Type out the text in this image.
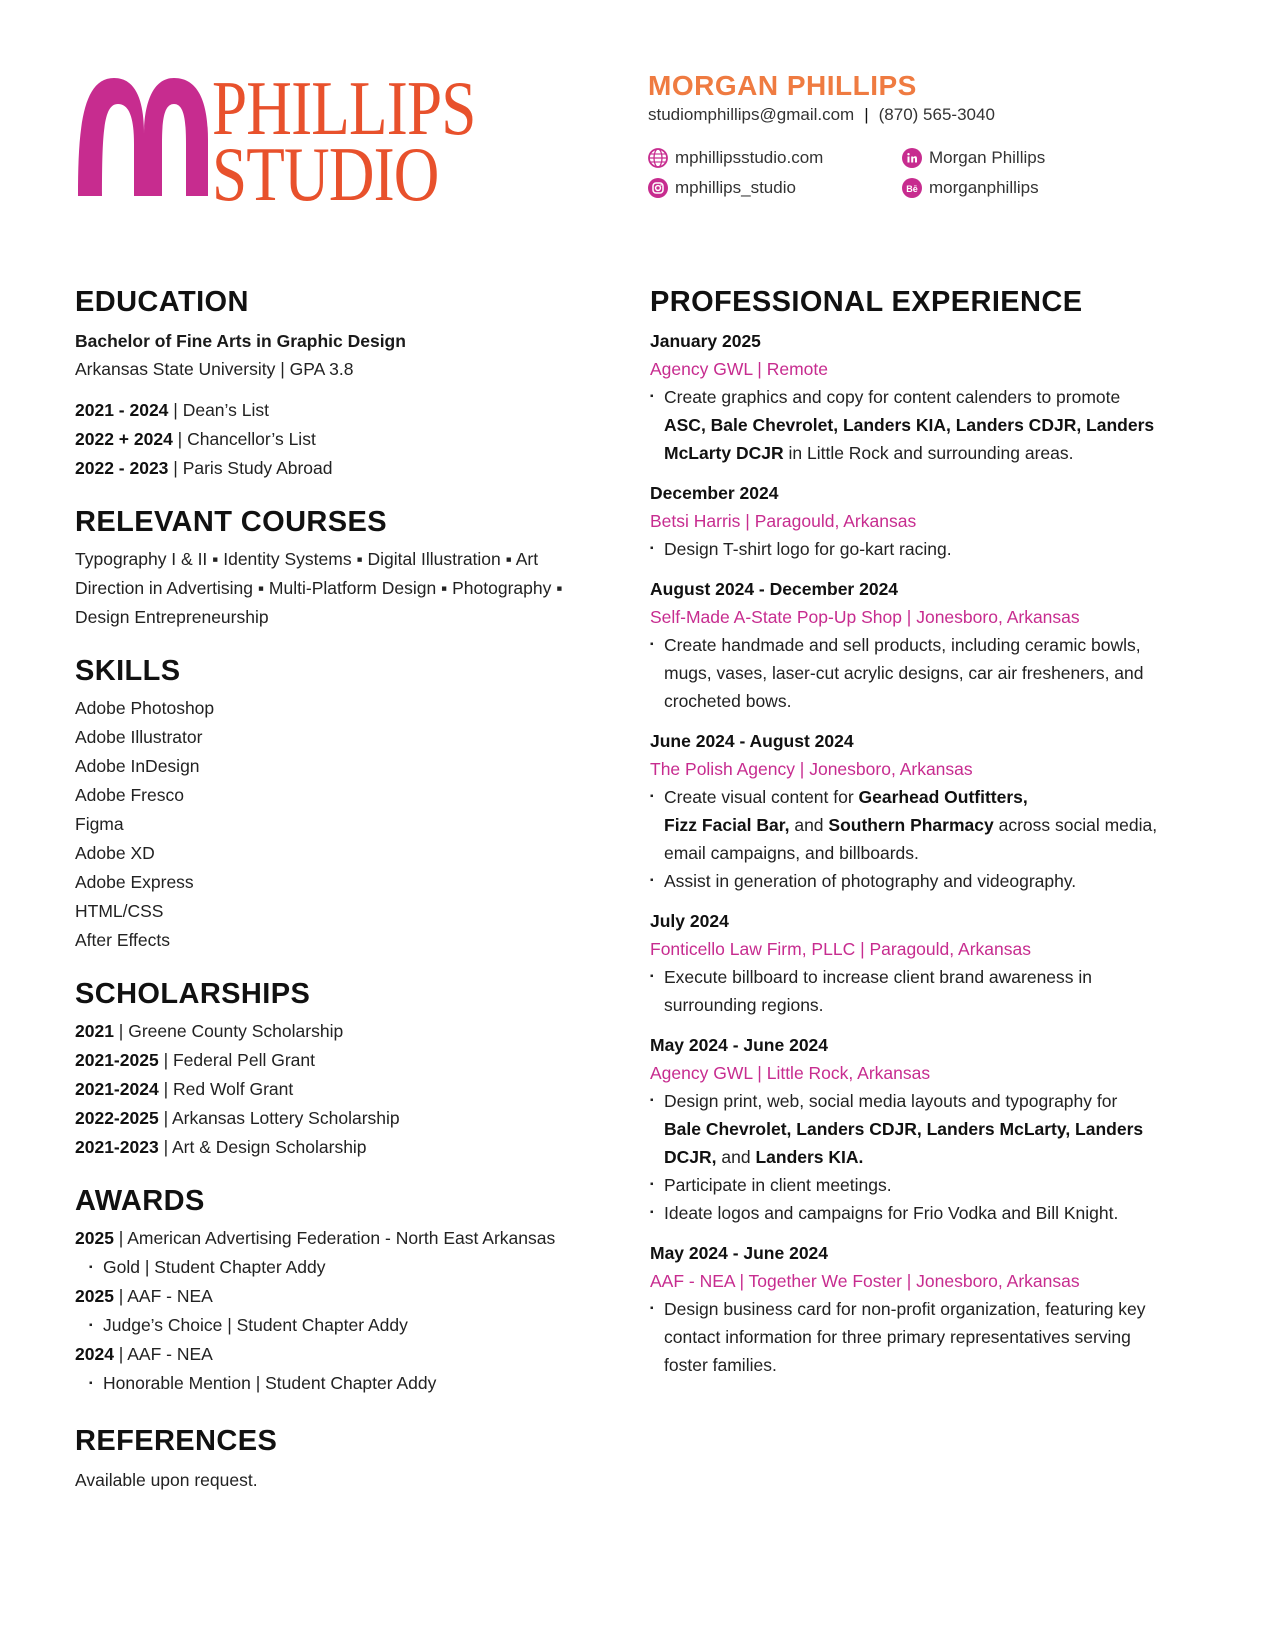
PHILLIPS
STUDIO
MORGAN PHILLIPS
studiomphillips@gmail.com | (870) 565-3040
mphillipsstudio.com
mphillips_studio
Morgan Phillips
Bē morganphillips
EDUCATION
Bachelor of Fine Arts in Graphic Design
Arkansas State University | GPA 3.8
2021 - 2024 | Dean’s List
2022 + 2024 | Chancellor’s List
2022 - 2023 | Paris Study Abroad
RELEVANT COURSES
Typography I & II ▪ Identity Systems ▪ Digital Illustration ▪ Art
Direction in Advertising ▪ Multi-Platform Design ▪ Photography ▪
Design Entrepreneurship
SKILLS
Adobe Photoshop
Adobe Illustrator
Adobe InDesign
Adobe Fresco
Figma
Adobe XD
Adobe Express
HTML/CSS
After Effects
SCHOLARSHIPS
2021 | Greene County Scholarship
2021-2025 | Federal Pell Grant
2021-2024 | Red Wolf Grant
2022-2025 | Arkansas Lottery Scholarship
2021-2023 | Art & Design Scholarship
AWARDS
2025 | American Advertising Federation - North East Arkansas
▪ Gold | Student Chapter Addy
2025 | AAF - NEA
▪ Judge’s Choice | Student Chapter Addy
2024 | AAF - NEA
▪ Honorable Mention | Student Chapter Addy
REFERENCES
Available upon request.
PROFESSIONAL EXPERIENCE
January 2025
Agency GWL | Remote
▪ Create graphics and copy for content calenders to promote
ASC, Bale Chevrolet, Landers KIA, Landers CDJR, Landers
McLarty DCJR in Little Rock and surrounding areas.
December 2024
Betsi Harris | Paragould, Arkansas
▪ Design T-shirt logo for go-kart racing.
August 2024 - December 2024
Self-Made A-State Pop-Up Shop | Jonesboro, Arkansas
▪ Create handmade and sell products, including ceramic bowls,
mugs, vases, laser-cut acrylic designs, car air fresheners, and
crocheted bows.
June 2024 - August 2024
The Polish Agency | Jonesboro, Arkansas
▪ Create visual content for Gearhead Outfitters,
Fizz Facial Bar, and Southern Pharmacy across social media,
email campaigns, and billboards.
▪ Assist in generation of photography and videography.
July 2024
Fonticello Law Firm, PLLC | Paragould, Arkansas
▪ Execute billboard to increase client brand awareness in
surrounding regions.
May 2024 - June 2024
Agency GWL | Little Rock, Arkansas
▪ Design print, web, social media layouts and typography for
Bale Chevrolet, Landers CDJR, Landers McLarty, Landers
DCJR, and Landers KIA.
▪ Participate in client meetings.
▪ Ideate logos and campaigns for Frio Vodka and Bill Knight.
May 2024 - June 2024
AAF - NEA | Together We Foster | Jonesboro, Arkansas
▪ Design business card for non-profit organization, featuring key
contact information for three primary representatives serving
foster families.
